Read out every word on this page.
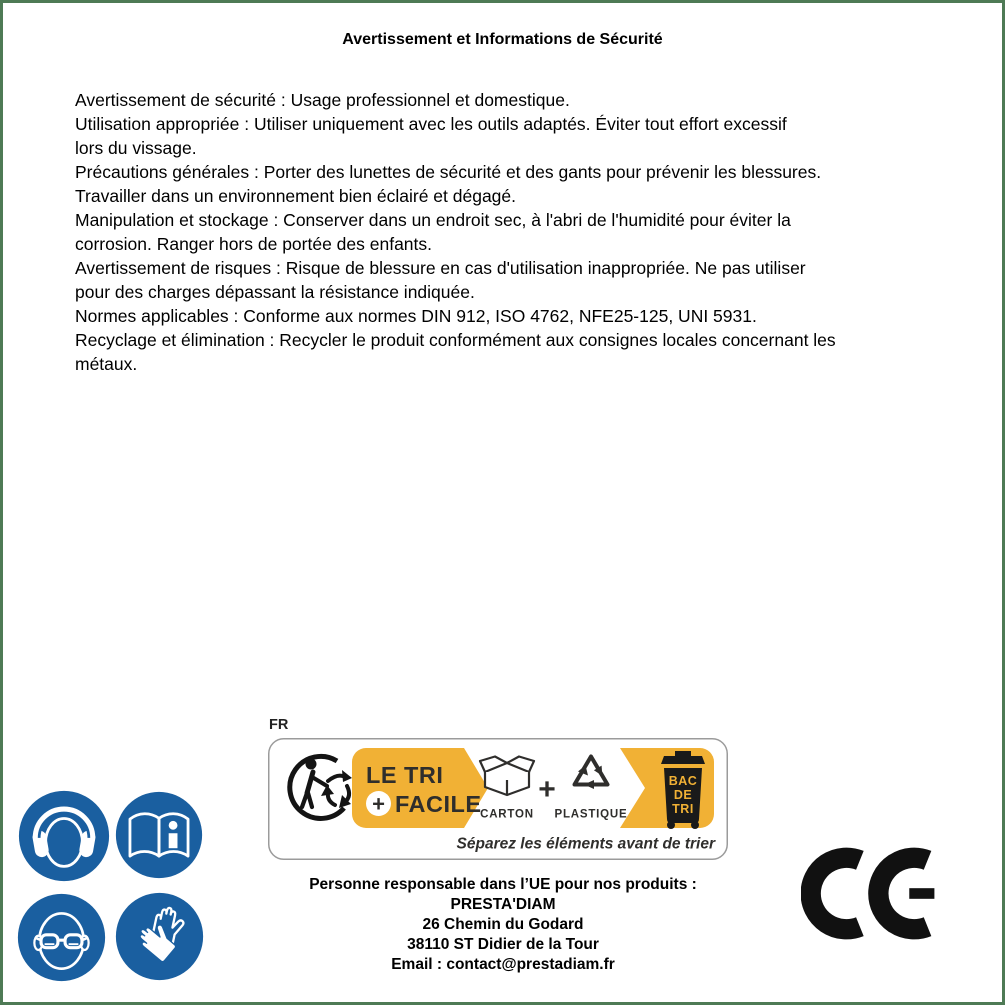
Avertissement et Informations de Sécurité
Avertissement de sécurité : Usage professionnel et domestique.
Utilisation appropriée : Utiliser uniquement avec les outils adaptés. Éviter tout effort excessif
lors du vissage.
Précautions générales : Porter des lunettes de sécurité et des gants pour prévenir les blessures.
Travailler dans un environnement bien éclairé et dégagé.
Manipulation et stockage : Conserver dans un endroit sec, à l'abri de l'humidité pour éviter la
corrosion. Ranger hors de portée des enfants.
Avertissement de risques : Risque de blessure en cas d'utilisation inappropriée. Ne pas utiliser
pour des charges dépassant la résistance indiquée.
Normes applicables : Conforme aux normes DIN 912, ISO 4762, NFE25-125, UNI 5931.
Recyclage et élimination : Recycler le produit conformément aux consignes locales concernant les
métaux.
FR
LE TRI
+ FACILE
CARTON
+
PLASTIQUE
BAC
DE
TRI
Séparez les éléments avant de trier
Personne responsable dans l’UE pour nos produits :
PRESTA'DIAM
26 Chemin du Godard
38110 ST Didier de la Tour
Email : contact@prestadiam.fr
